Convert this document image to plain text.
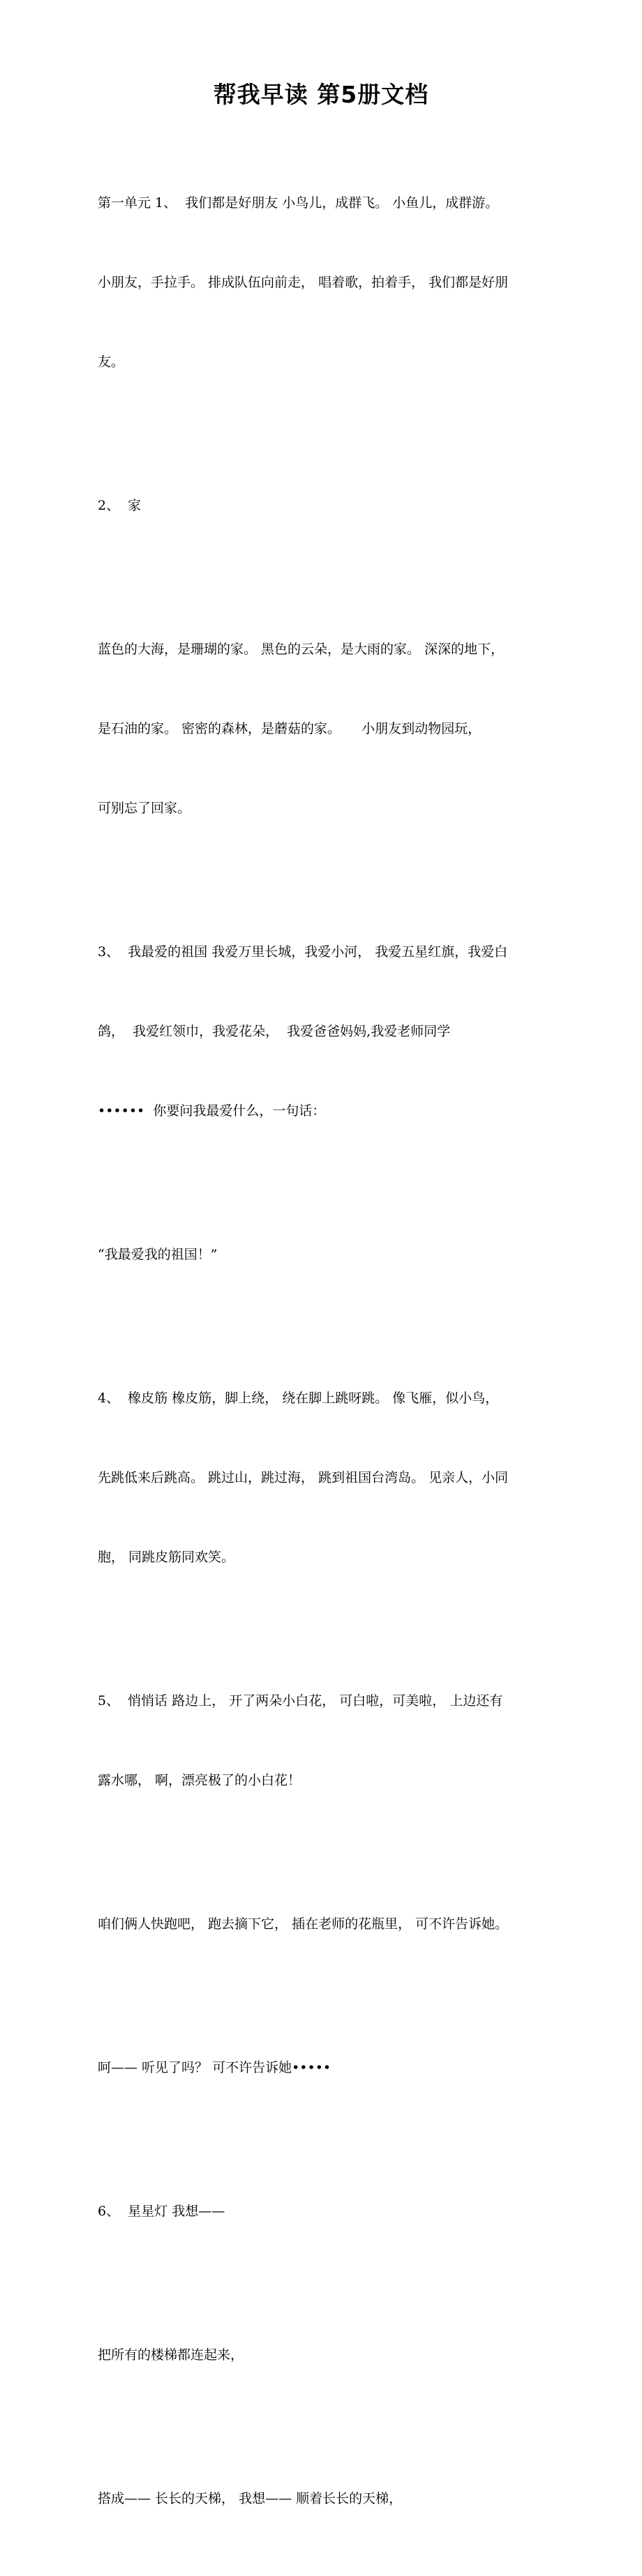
帮我早读 第5册文档

第一单元 1、  我们都是好朋友 小鸟儿，成群飞。 小鱼儿，成群游。

小朋友，手拉手。 排成队伍向前走， 唱着歌，拍着手， 我们都是好朋

友。

2、  家

蓝色的大海，是珊瑚的家。 黑色的云朵，是大雨的家。 深深的地下，

是石油的家。 密密的森林，是蘑菇的家。     小朋友到动物园玩，

可别忘了回家。

3、  我最爱的祖国 我爱万里长城，我爱小河， 我爱五星红旗，我爱白

鸽，  我爱红领巾，我爱花朵，  我爱爸爸妈妈,我爱老师同学

••••••  你要问我最爱什么，一句话：

“我最爱我的祖国！”

4、  橡皮筋 橡皮筋，脚上绕， 绕在脚上跳呀跳。 像飞雁，似小鸟，

先跳低来后跳高。 跳过山，跳过海， 跳到祖国台湾岛。 见亲人，小同

胞， 同跳皮筋同欢笑。

5、  悄悄话 路边上， 开了两朵小白花， 可白啦，可美啦， 上边还有

露水哪， 啊，漂亮极了的小白花！

咱们俩人快跑吧， 跑去摘下它， 插在老师的花瓶里， 可不许告诉她。

呵—— 听见了吗？ 可不许告诉她•••••

6、  星星灯 我想——

把所有的楼梯都连起来，

搭成—— 长长的天梯， 我想—— 顺着长长的天梯，
